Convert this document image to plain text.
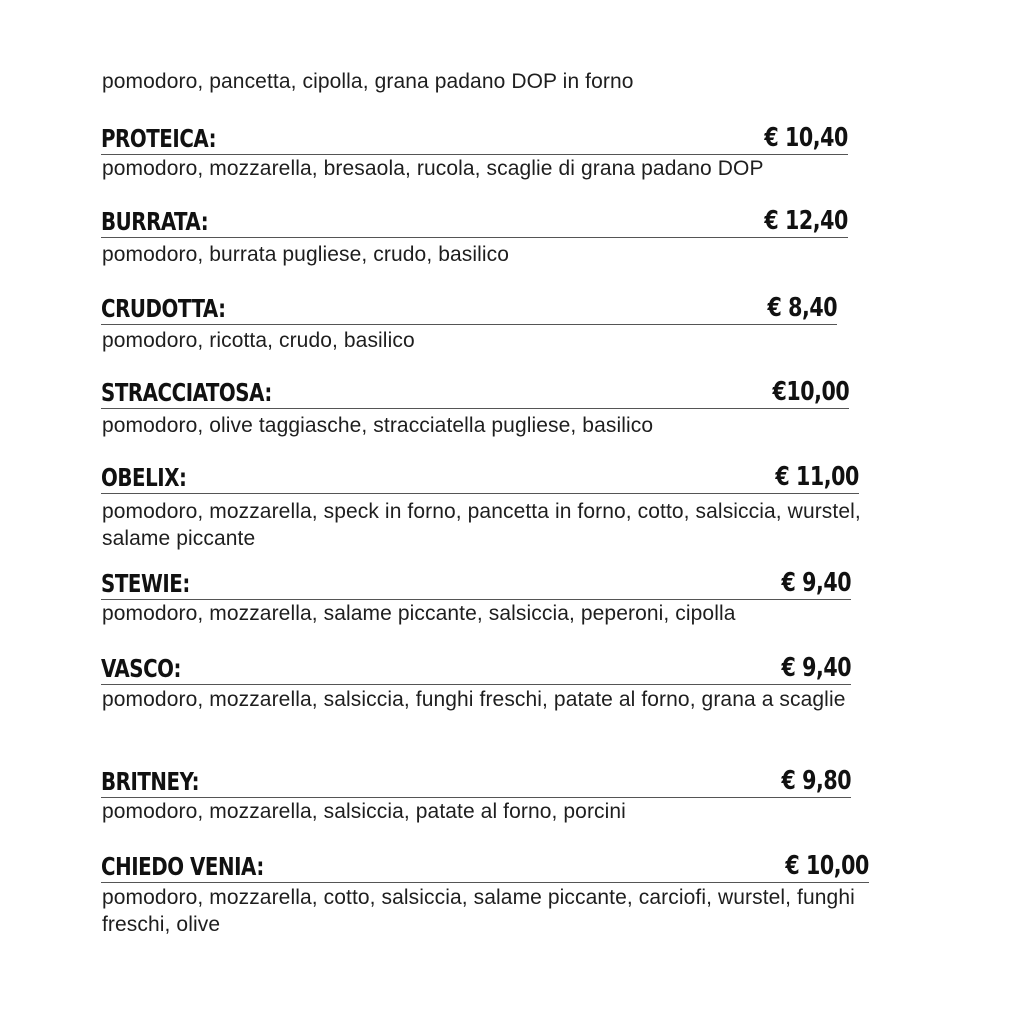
pomodoro, pancetta, cipolla, grana padano DOP in forno
PROTEICA:	€ 10,40
pomodoro, mozzarella, bresaola, rucola, scaglie di grana padano DOP
BURRATA:	€ 12,40
pomodoro, burrata pugliese, crudo, basilico
CRUDOTTA:	€ 8,40
pomodoro, ricotta, crudo, basilico
STRACCIATOSA:	€10,00
pomodoro, olive taggiasche, stracciatella pugliese, basilico
OBELIX:	€ 11,00
pomodoro, mozzarella, speck in forno, pancetta in forno, cotto, salsiccia, wurstel, salame piccante
STEWIE:	€ 9,40
pomodoro, mozzarella, salame piccante, salsiccia, peperoni, cipolla
VASCO:	€ 9,40
pomodoro, mozzarella, salsiccia, funghi freschi, patate al forno, grana a scaglie
BRITNEY:	€ 9,80
pomodoro, mozzarella, salsiccia, patate al forno, porcini
CHIEDO VENIA:	€ 10,00
pomodoro, mozzarella, cotto, salsiccia, salame piccante, carciofi, wurstel, funghi freschi, olive
